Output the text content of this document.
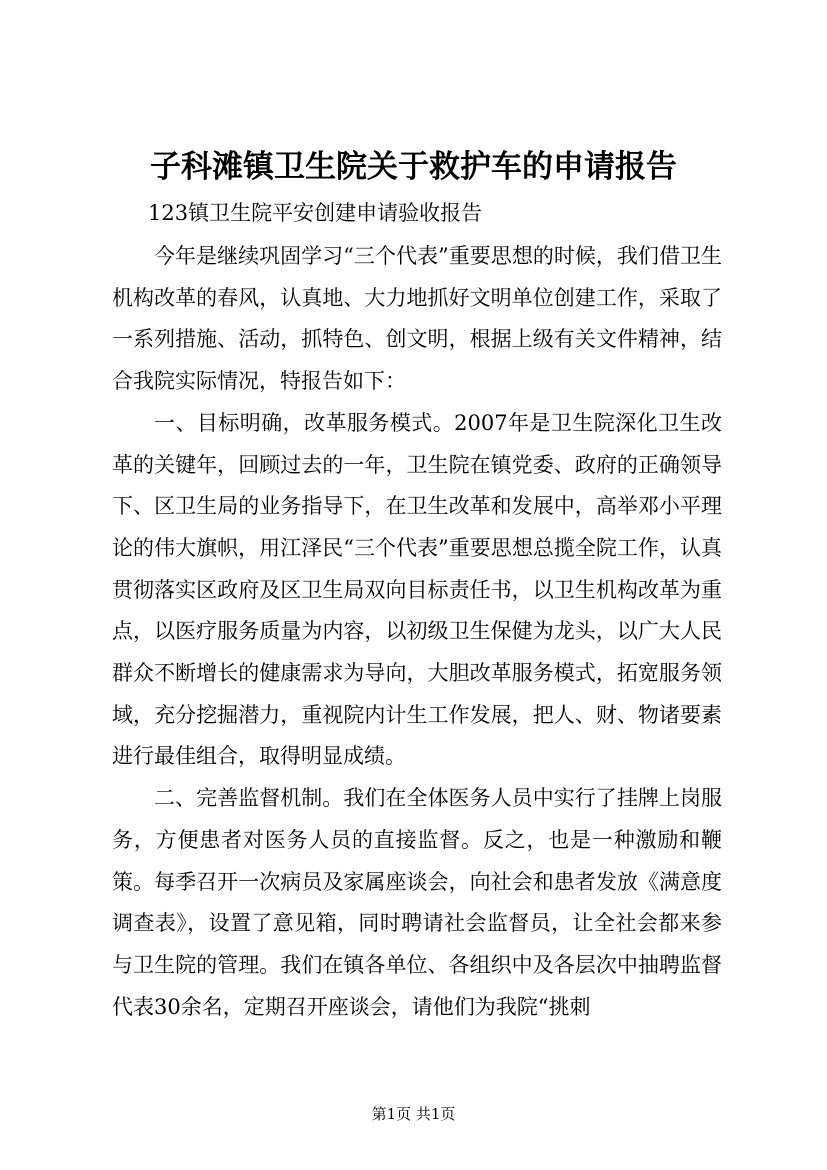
子科滩镇卫生院关于救护车的申请报告
123镇卫生院平安创建申请验收报告

今年是继续巩固学习“三个代表”重要思想的时候，我们借卫生机构改革的春风，认真地、大力地抓好文明单位创建工作，采取了一系列措施、活动，抓特色、创文明，根据上级有关文件精神，结合我院实际情况，特报告如下：

一、目标明确，改革服务模式。2007年是卫生院深化卫生改革的关键年，回顾过去的一年，卫生院在镇党委、政府的正确领导下、区卫生局的业务指导下，在卫生改革和发展中，高举邓小平理论的伟大旗帜，用江泽民“三个代表”重要思想总揽全院工作，认真贯彻落实区政府及区卫生局双向目标责任书，以卫生机构改革为重点，以医疗服务质量为内容，以初级卫生保健为龙头，以广大人民群众不断增长的健康需求为导向，大胆改革服务模式，拓宽服务领域，充分挖掘潜力，重视院内计生工作发展，把人、财、物诸要素进行最佳组合，取得明显成绩。

二、完善监督机制。我们在全体医务人员中实行了挂牌上岗服务，方便患者对医务人员的直接监督。反之，也是一种激励和鞭策。每季召开一次病员及家属座谈会，向社会和患者发放《满意度调查表》，设置了意见箱，同时聘请社会监督员，让全社会都来参与卫生院的管理。我们在镇各单位、各组织中及各层次中抽聘监督代表30余名，定期召开座谈会，请他们为我院“挑刺

第1页 共1页
